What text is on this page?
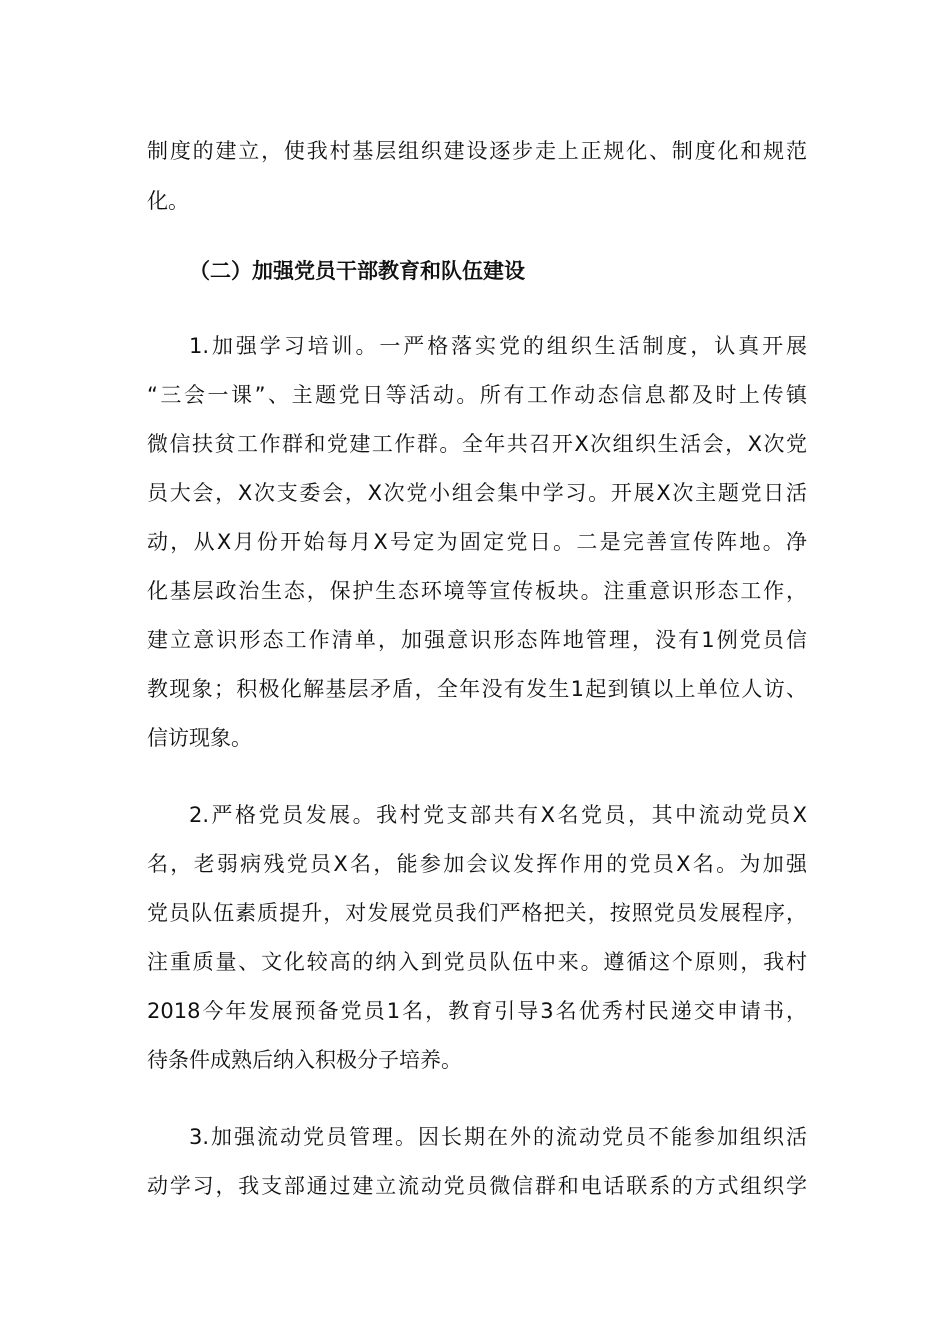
制度的建立，使我村基层组织建设逐步走上正规化、制度化和规范

化。

（二）加强党员干部教育和队伍建设

1.加强学习培训。一严格落实党的组织生活制度，认真开展

“三会一课”、主题党日等活动。所有工作动态信息都及时上传镇

微信扶贫工作群和党建工作群。全年共召开X次组织生活会，X次党

员大会，X次支委会，X次党小组会集中学习。开展X次主题党日活

动，从X月份开始每月X号定为固定党日。二是完善宣传阵地。净

化基层政治生态，保护生态环境等宣传板块。注重意识形态工作，

建立意识形态工作清单，加强意识形态阵地管理，没有1例党员信

教现象；积极化解基层矛盾，全年没有发生1起到镇以上单位人访、

信访现象。

2.严格党员发展。我村党支部共有X名党员，其中流动党员X

名，老弱病残党员X名，能参加会议发挥作用的党员X名。为加强

党员队伍素质提升，对发展党员我们严格把关，按照党员发展程序，

注重质量、文化较高的纳入到党员队伍中来。遵循这个原则，我村

2018今年发展预备党员1名，教育引导3名优秀村民递交申请书，

待条件成熟后纳入积极分子培养。

3.加强流动党员管理。因长期在外的流动党员不能参加组织活

动学习，我支部通过建立流动党员微信群和电话联系的方式组织学
